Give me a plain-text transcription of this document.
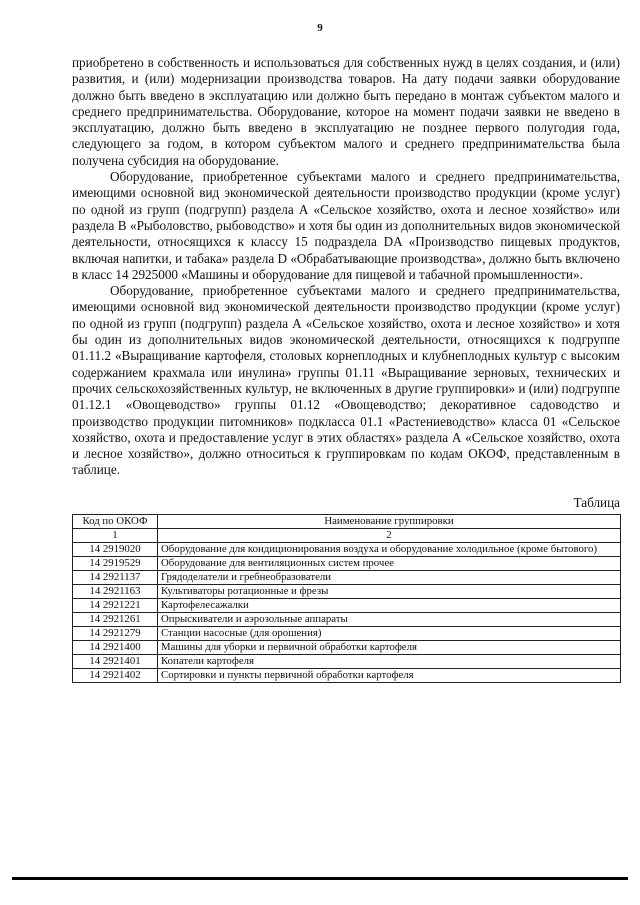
9

приобретено в собственность и использоваться для собственных нужд в целях создания, и (или) развития, и (или) модернизации производства товаров. На дату подачи заявки оборудование должно быть введено в эксплуатацию или должно быть передано в монтаж субъектом малого и среднего предпринимательства. Оборудование, которое на момент подачи заявки не введено в эксплуатацию, должно быть введено в эксплуатацию не позднее первого полугодия года, следующего за годом, в котором субъектом малого и среднего предпринимательства была получена субсидия на оборудование.

Оборудование, приобретенное субъектами малого и среднего предпринимательства, имеющими основной вид экономической деятельности производство продукции (кроме услуг) по одной из групп (подгрупп) раздела А «Сельское хозяйство, охота и лесное хозяйство» или раздела В «Рыболовство, рыбоводство» и хотя бы один из дополнительных видов экономической деятельности, относящихся к классу 15 подраздела DA «Производство пищевых продуктов, включая напитки, и табака» раздела D «Обрабатывающие производства», должно быть включено в класс 14 2925000 «Машины и оборудование для пищевой и табачной промышленности».

Оборудование, приобретенное субъектами малого и среднего предпринимательства, имеющими основной вид экономической деятельности производство продукции (кроме услуг) по одной из групп (подгрупп) раздела А «Сельское хозяйство, охота и лесное хозяйство» и хотя бы один из дополнительных видов экономической деятельности, относящихся к подгруппе 01.11.2 «Выращивание картофеля, столовых корнеплодных и клубнеплодных культур с высоким содержанием крахмала или инулина» группы 01.11 «Выращивание зерновых, технических и прочих сельскохозяйственных культур, не включенных в другие группировки» и (или) подгруппе 01.12.1 «Овощеводство» группы 01.12 «Овощеводство; декоративное садоводство и производство продукции питомников» подкласса 01.1 «Растениеводство» класса 01 «Сельское хозяйство, охота и предоставление услуг в этих областях» раздела А «Сельское хозяйство, охота и лесное хозяйство», должно относиться к группировкам по кодам ОКОФ, представленным в таблице.

Таблица
Код по ОКОФ	Наименование группировки
1	2
14 2919020	Оборудование для кондиционирования воздуха и оборудование холодильное (кроме бытового)
14 2919529	Оборудование для вентиляционных систем прочее
14 2921137	Грядоделатели и гребнеобразователи
14 2921163	Культиваторы ротационные и фрезы
14 2921221	Картофелесажалки
14 2921261	Опрыскиватели и аэрозольные аппараты
14 2921279	Станции насосные (для орошения)
14 2921400	Машины для уборки и первичной обработки картофеля
14 2921401	Копатели картофеля
14 2921402	Сортировки и пункты первичной обработки картофеля
